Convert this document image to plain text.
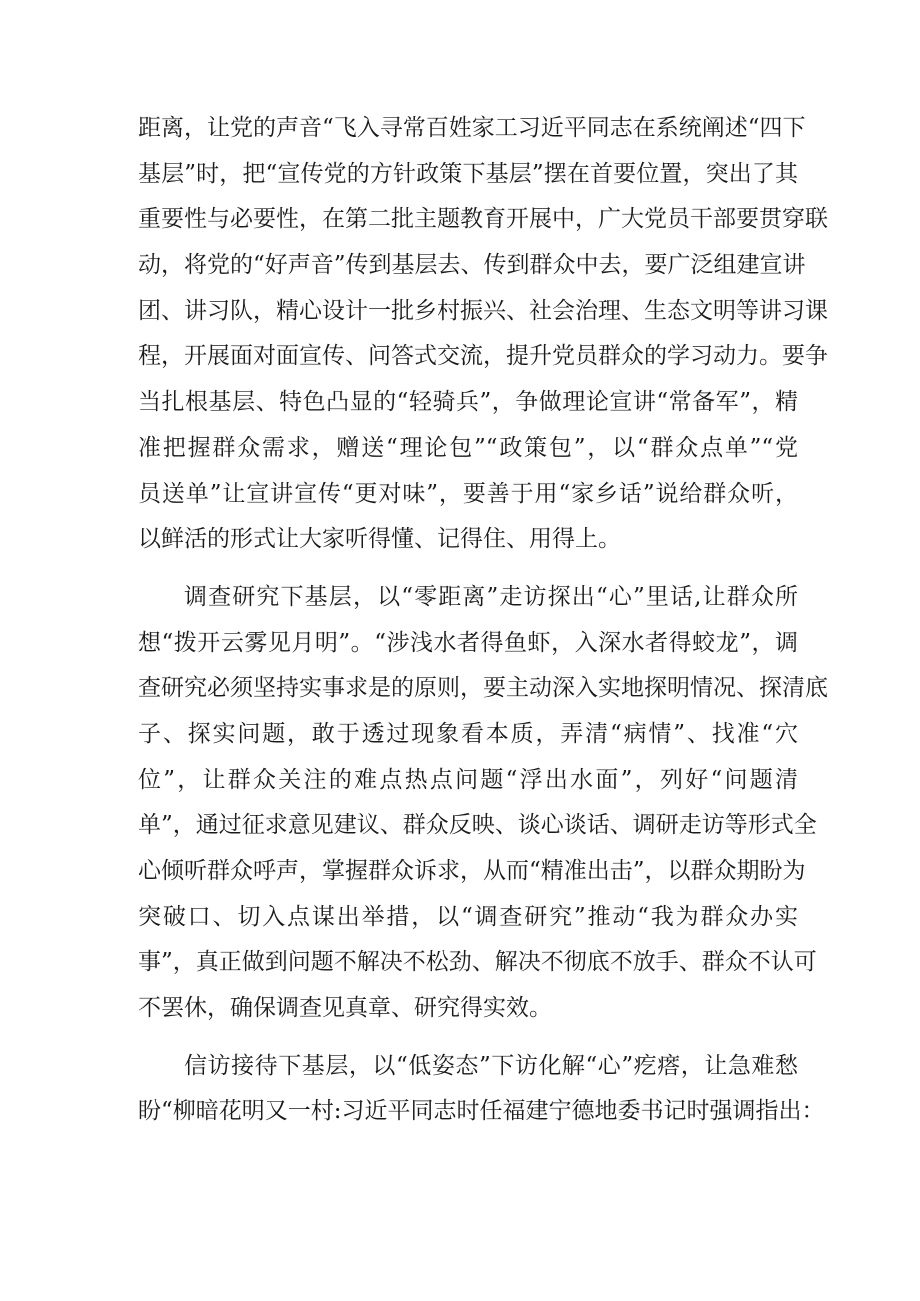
距离，让党的声音“飞入寻常百姓家工习近平同志在系统阐述“四下
基层”时，把“宣传党的方针政策下基层”摆在首要位置，突出了其
重要性与必要性，在第二批主题教育开展中，广大党员干部要贯穿联
动，将党的“好声音”传到基层去、传到群众中去，要广泛组建宣讲
团、讲习队，精心设计一批乡村振兴、社会治理、生态文明等讲习课
程，开展面对面宣传、问答式交流，提升党员群众的学习动力。要争
当扎根基层、特色凸显的“轻骑兵”，争做理论宣讲“常备军”，精
准把握群众需求，赠送“理论包”“政策包”，以“群众点单”“党
员送单”让宣讲宣传“更对味”，要善于用“家乡话”说给群众听，
以鲜活的形式让大家听得懂、记得住、用得上。
调查研究下基层，以“零距离”走访探出“心”里话,让群众所
想“拨开云雾见月明”。“涉浅水者得鱼虾，入深水者得蛟龙”，调
查研究必须坚持实事求是的原则，要主动深入实地探明情况、探清底
子、探实问题，敢于透过现象看本质，弄清“病情”、找准“穴
位”，让群众关注的难点热点问题“浮出水面”，列好“问题清
单”，通过征求意见建议、群众反映、谈心谈话、调研走访等形式全
心倾听群众呼声，掌握群众诉求，从而“精准出击”，以群众期盼为
突破口、切入点谋出举措，以“调查研究”推动“我为群众办实
事”，真正做到问题不解决不松劲、解决不彻底不放手、群众不认可
不罢休，确保调查见真章、研究得实效。
信访接待下基层，以“低姿态”下访化解“心”疙瘩，让急难愁
盼“柳暗花明又一村:习近平同志时任福建宁德地委书记时强调指出：
